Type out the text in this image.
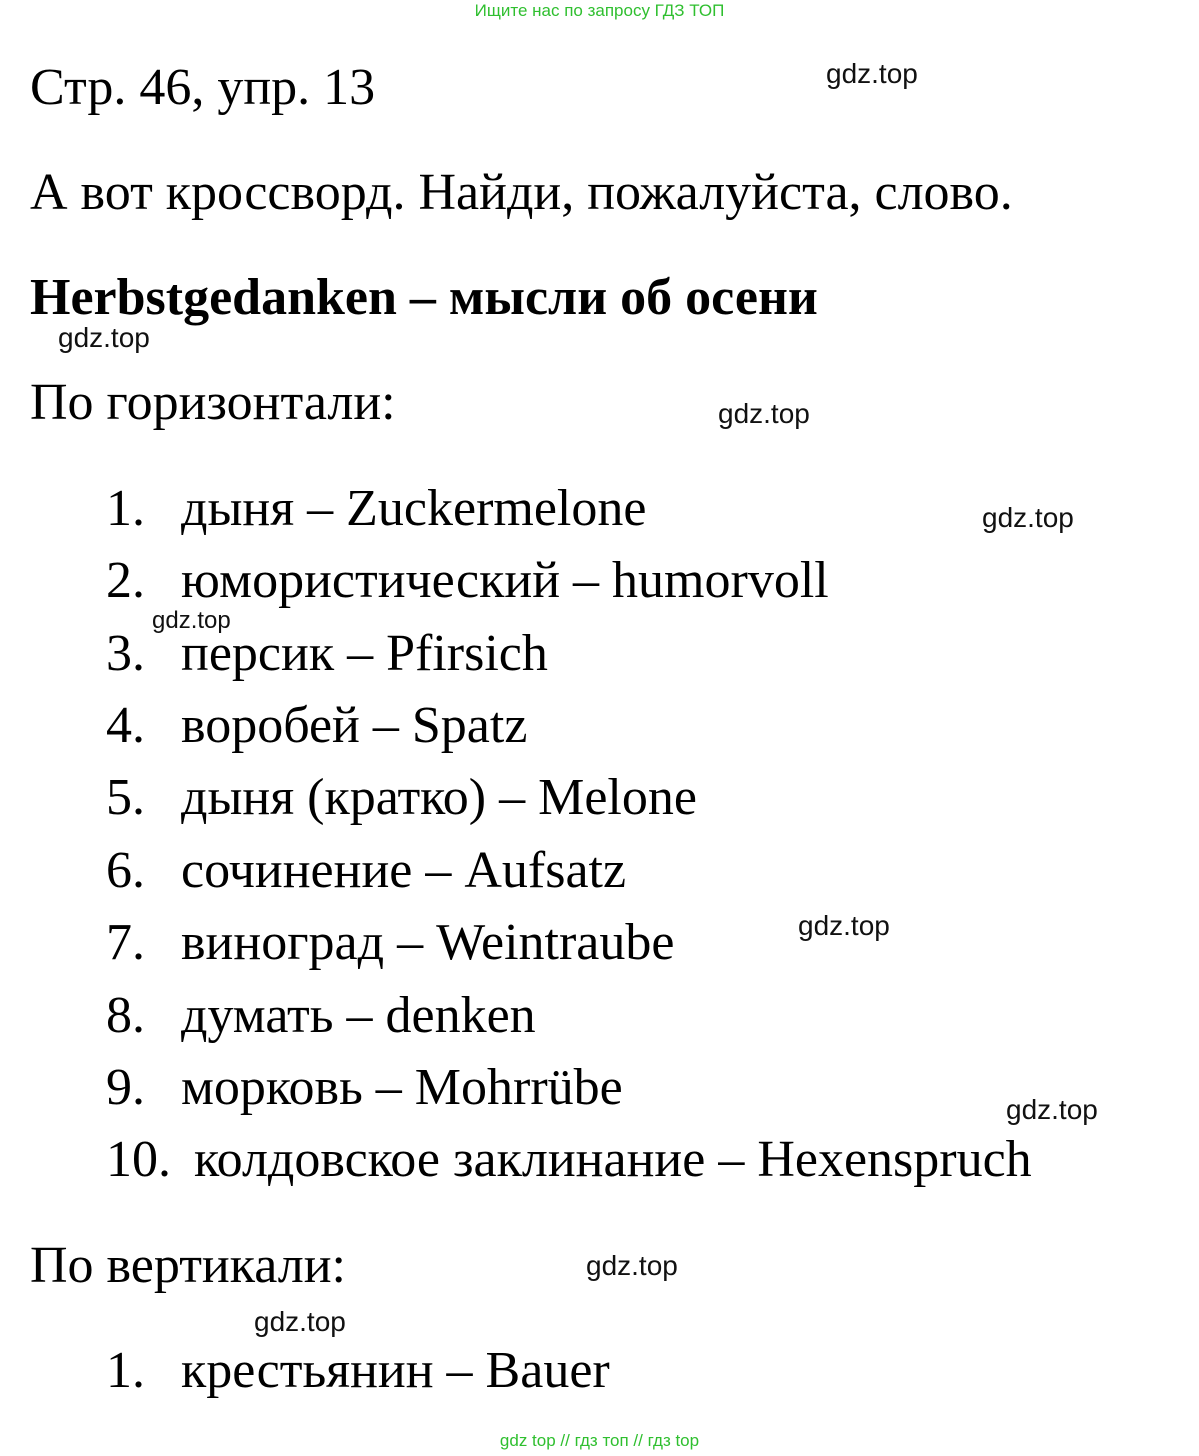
Ищите нас по запросу ГДЗ ТОП
Стр. 46, упр. 13	gdz.top
А вот кроссворд. Найди, пожалуйста, слово.
Herbstgedanken – мысли об осени
gdz.top
По горизонтали:	gdz.top
1. дыня – Zuckermelone	gdz.top
2. юмористический – humorvoll
gdz.top
3. персик – Pfirsich
4. воробей – Spatz
5. дыня (кратко) – Melone
6. сочинение – Aufsatz
7. виноград – Weintraube	gdz.top
8. думать – denken
9. морковь – Mohrrübe	gdz.top
10. колдовское заклинание – Hexenspruch
По вертикали:	gdz.top
gdz.top
1. крестьянин – Bauer
gdz top // гдз топ // гдз top
